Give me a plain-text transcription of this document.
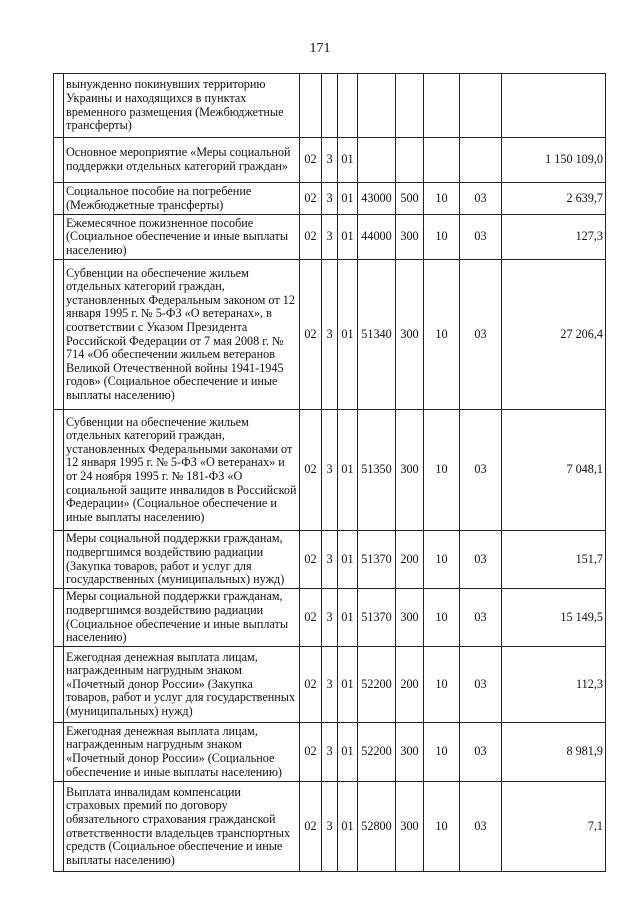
171
	вынужденно покинувших территорию Украины и находящихся в пунктах временного размещения (Межбюджетные трансферты)								
	Основное мероприятие «Меры социальной поддержки отдельных категорий граждан»	02	3	01					1 150 109,0
	Социальное пособие на погребение (Межбюджетные трансферты)	02	3	01	43000	500	10	03	2 639,7
	Ежемесячное пожизненное пособие (Социальное обеспечение и иные выплаты населению)	02	3	01	44000	300	10	03	127,3
	Субвенции на обеспечение жильем отдельных категорий граждан, установленных Федеральным законом от 12 января 1995 г. № 5-ФЗ «О ветеранах», в соответствии с Указом Президента Российской Федерации от 7 мая 2008 г. № 714 «Об обеспечении жильем ветеранов Великой Отечественной войны 1941-1945 годов» (Социальное обеспечение и иные выплаты населению)	02	3	01	51340	300	10	03	27 206,4
	Субвенции на обеспечение жильем отдельных категорий граждан, установленных Федеральными законами от 12 января 1995 г. № 5-ФЗ «О ветеранах» и от 24 ноября 1995 г. № 181-ФЗ «О социальной защите инвалидов в Российской Федерации» (Социальное обеспечение и иные выплаты населению)	02	3	01	51350	300	10	03	7 048,1
	Меры социальной поддержки гражданам, подвергшимся воздействию радиации (Закупка товаров, работ и услуг для государственных (муниципальных) нужд)	02	3	01	51370	200	10	03	151,7
	Меры социальной поддержки гражданам, подвергшимся воздействию радиации (Социальное обеспечение и иные выплаты населению)	02	3	01	51370	300	10	03	15 149,5
	Ежегодная денежная выплата лицам, награжденным нагрудным знаком «Почетный донор России» (Закупка товаров, работ и услуг для государственных (муниципальных) нужд)	02	3	01	52200	200	10	03	112,3
	Ежегодная денежная выплата лицам, награжденным нагрудным знаком «Почетный донор России» (Социальное обеспечение и иные выплаты населению)	02	3	01	52200	300	10	03	8 981,9
	Выплата инвалидам компенсации страховых премий по договору обязательного страхования гражданской ответственности владельцев транспортных средств (Социальное обеспечение и иные выплаты населению)	02	3	01	52800	300	10	03	7,1
